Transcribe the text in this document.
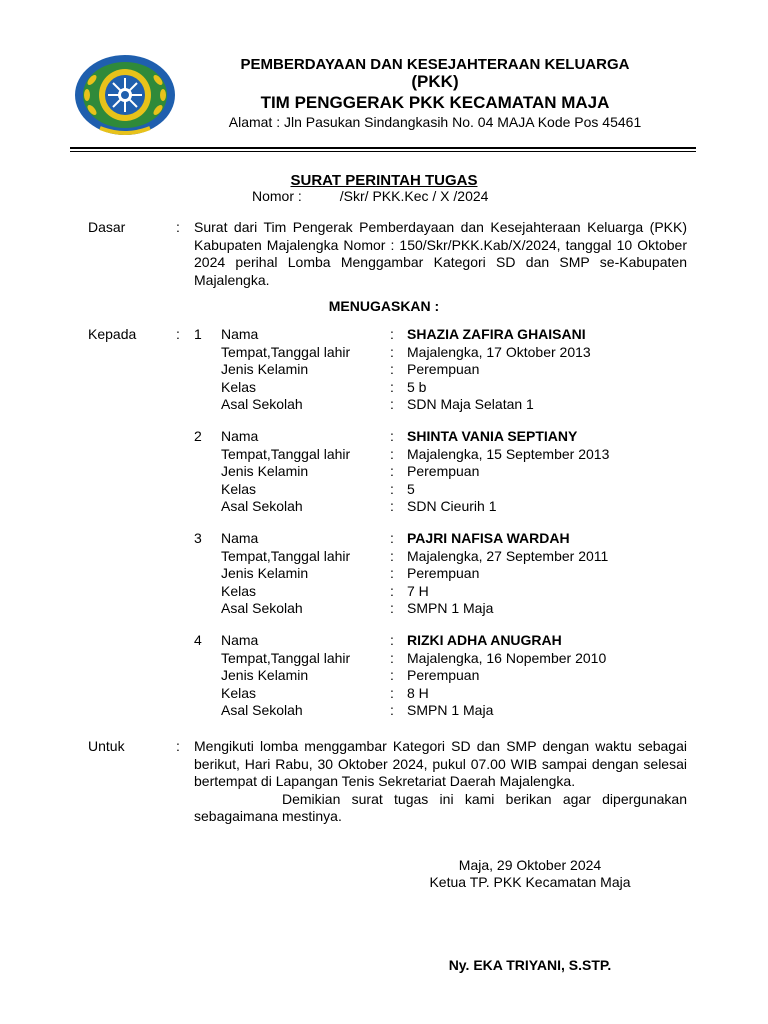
PEMBERDAYAAN DAN KESEJAHTERAAN KELUARGA
(PKK)
TIM PENGGERAK PKK KECAMATAN MAJA
Alamat : Jln Pasukan Sindangkasih No. 04 MAJA Kode Pos 45461
SURAT PERINTAH TUGAS
Nomor :	/Skr/ PKK.Kec / X /2024
Dasar	: Surat dari Tim Pengerak Pemberdayaan dan Kesejahteraan Keluarga (PKK) Kabupaten Majalengka Nomor : 150/Skr/PKK.Kab/X/2024, tanggal 10 Oktober 2024 perihal Lomba Menggambar Kategori SD dan SMP se-Kabupaten Majalengka.
MENUGASKAN :
Kepada	: 1 Nama	: SHAZIA ZAFIRA GHAISANI
Tempat,Tanggal lahir	: Majalengka, 17 Oktober 2013
Jenis Kelamin	: Perempuan
Kelas	: 5 b
Asal Sekolah	: SDN Maja Selatan 1
2 Nama	: SHINTA VANIA SEPTIANY
Tempat,Tanggal lahir	: Majalengka, 15 September 2013
Jenis Kelamin	: Perempuan
Kelas	: 5
Asal Sekolah	: SDN Cieurih 1
3 Nama	: PAJRI NAFISA WARDAH
Tempat,Tanggal lahir	: Majalengka, 27 September 2011
Jenis Kelamin	: Perempuan
Kelas	: 7 H
Asal Sekolah	: SMPN 1 Maja
4 Nama	: RIZKI ADHA ANUGRAH
Tempat,Tanggal lahir	: Majalengka, 16 Nopember 2010
Jenis Kelamin	: Perempuan
Kelas	: 8 H
Asal Sekolah	: SMPN 1 Maja
Untuk	: Mengikuti lomba menggambar Kategori SD dan SMP dengan waktu sebagai berikut, Hari Rabu, 30 Oktober 2024, pukul 07.00 WIB sampai dengan selesai bertempat di Lapangan Tenis Sekretariat Daerah Majalengka.
Demikian surat tugas ini kami berikan agar dipergunakan
sebagaimana mestinya.
Maja, 29 Oktober 2024
Ketua TP. PKK Kecamatan Maja
Ny. EKA TRIYANI, S.STP.
